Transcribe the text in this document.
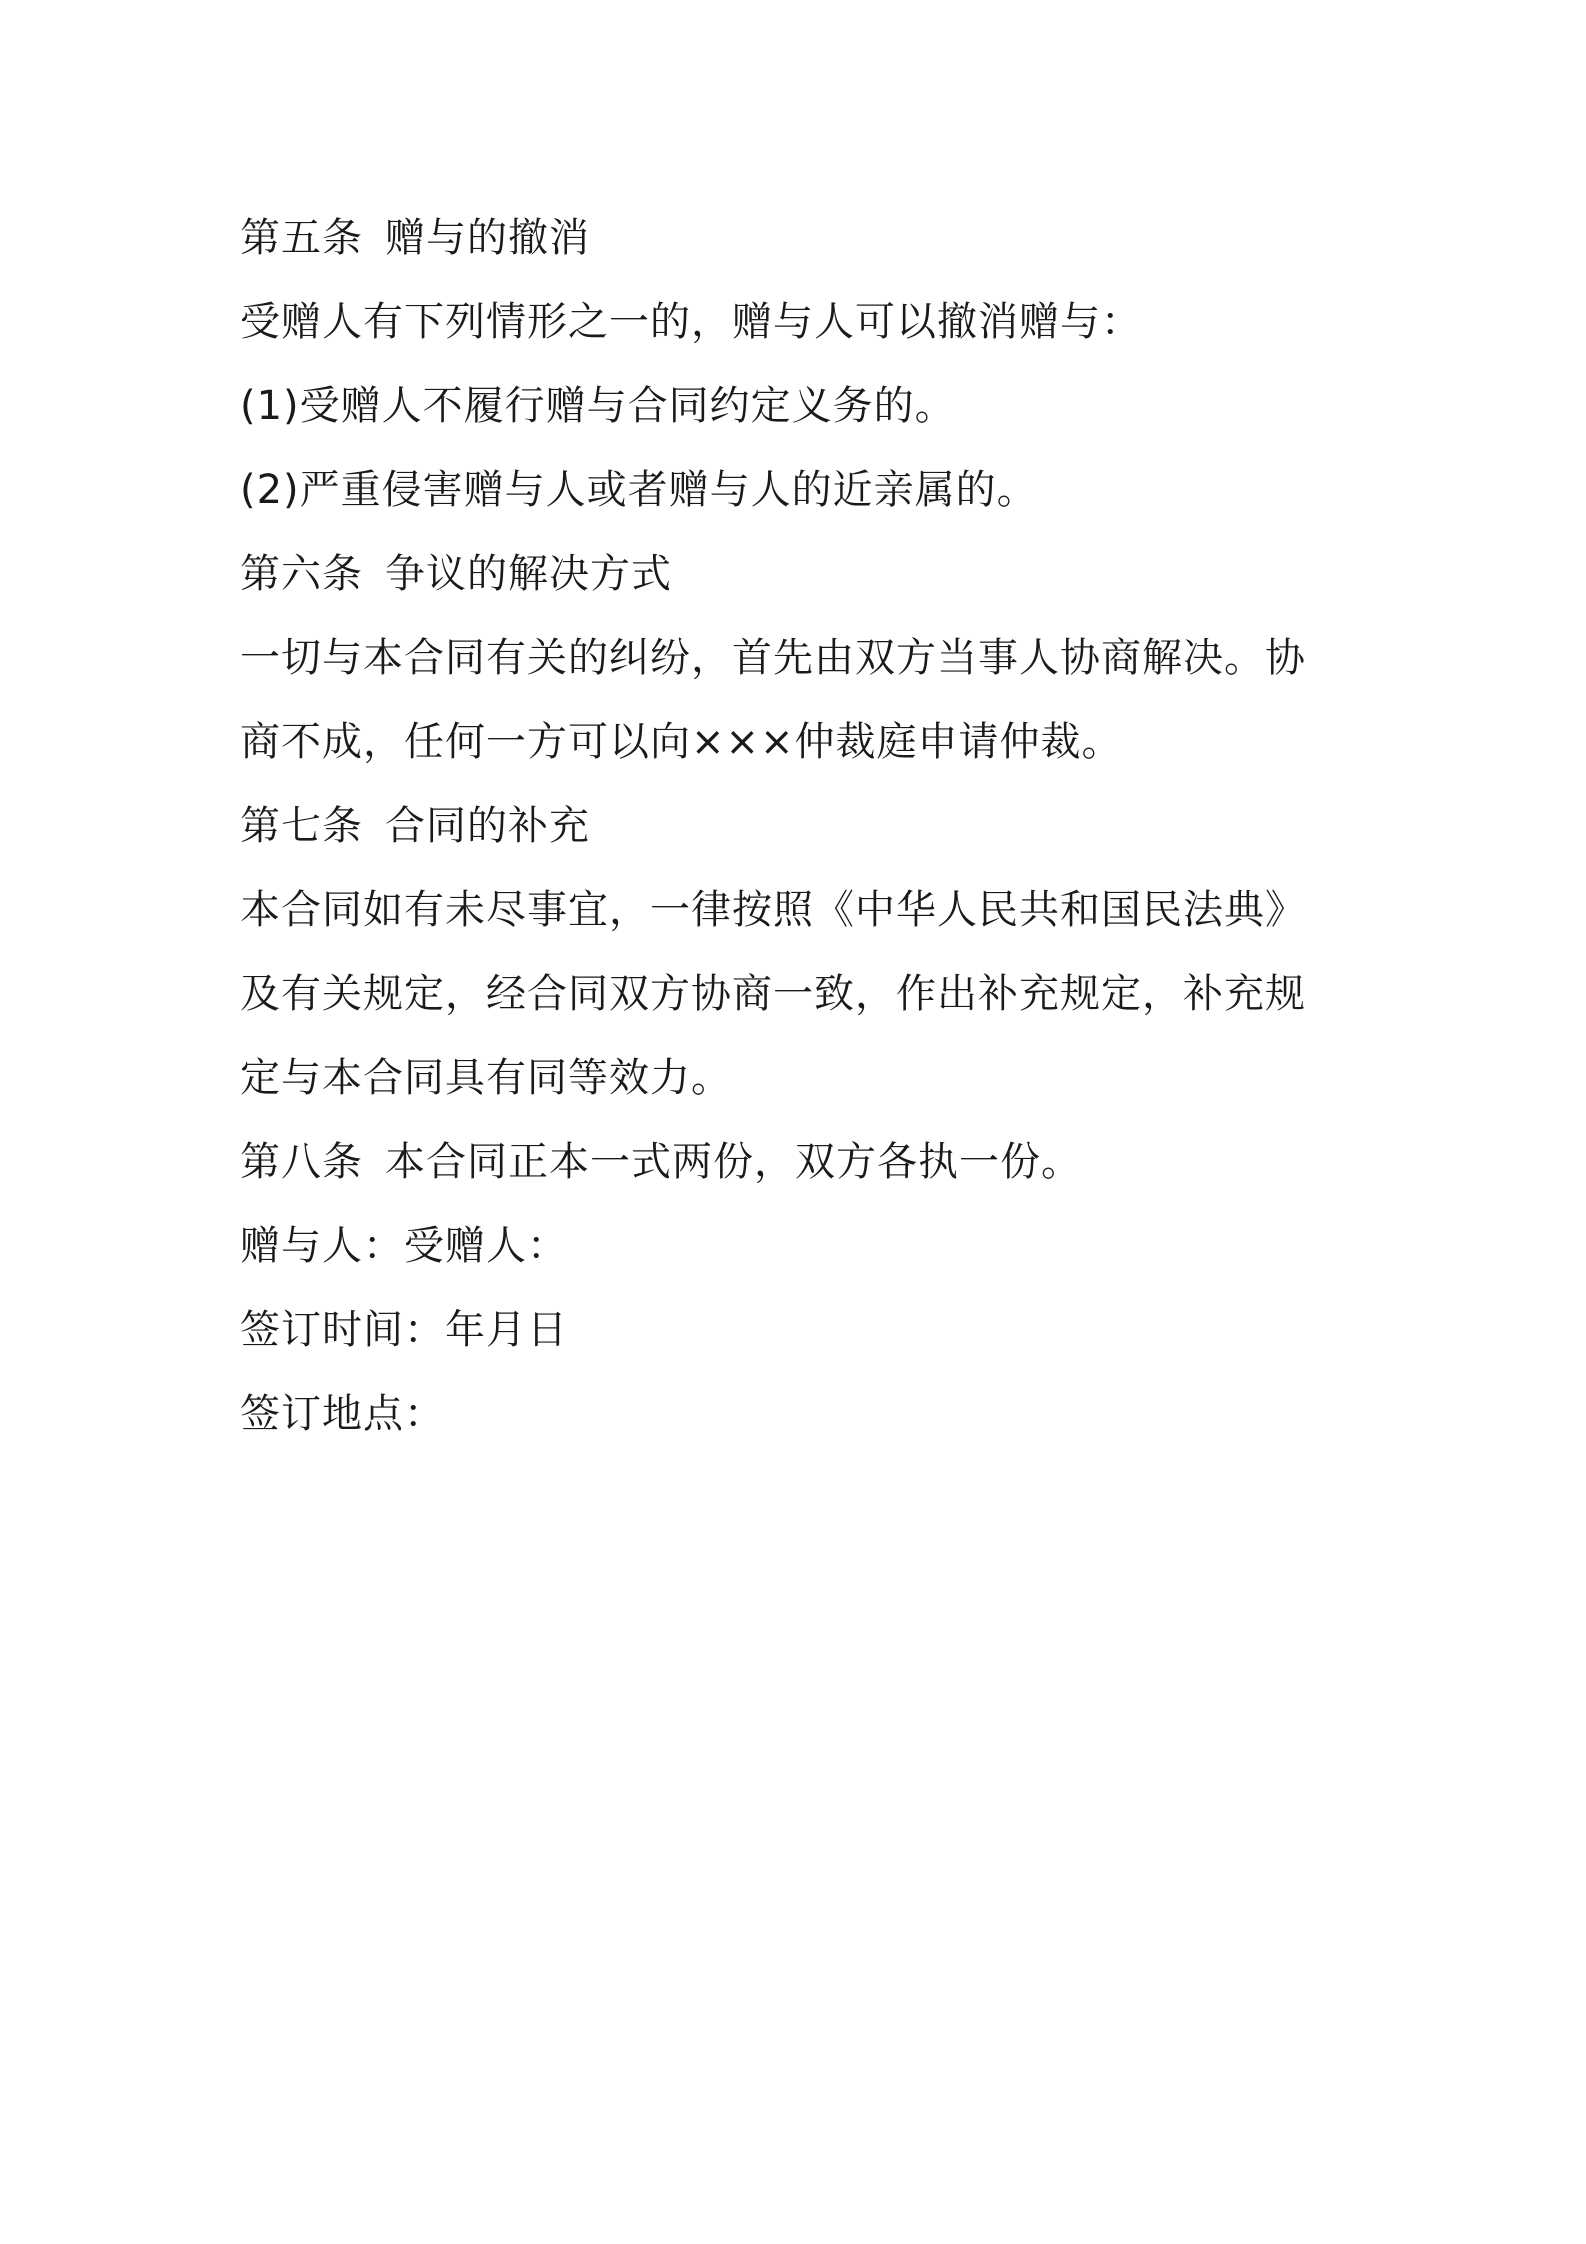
第五条 赠与的撤消
受赠人有下列情形之一的，赠与人可以撤消赠与：
(1)受赠人不履行赠与合同约定义务的。
(2)严重侵害赠与人或者赠与人的近亲属的。
第六条 争议的解决方式
一切与本合同有关的纠纷，首先由双方当事人协商解决。协
商不成，任何一方可以向×××仲裁庭申请仲裁。
第七条 合同的补充
本合同如有未尽事宜，一律按照《中华人民共和国民法典》
及有关规定，经合同双方协商一致，作出补充规定，补充规
定与本合同具有同等效力。
第八条 本合同正本一式两份，双方各执一份。
赠与人：受赠人：
签订时间：年月日
签订地点：
